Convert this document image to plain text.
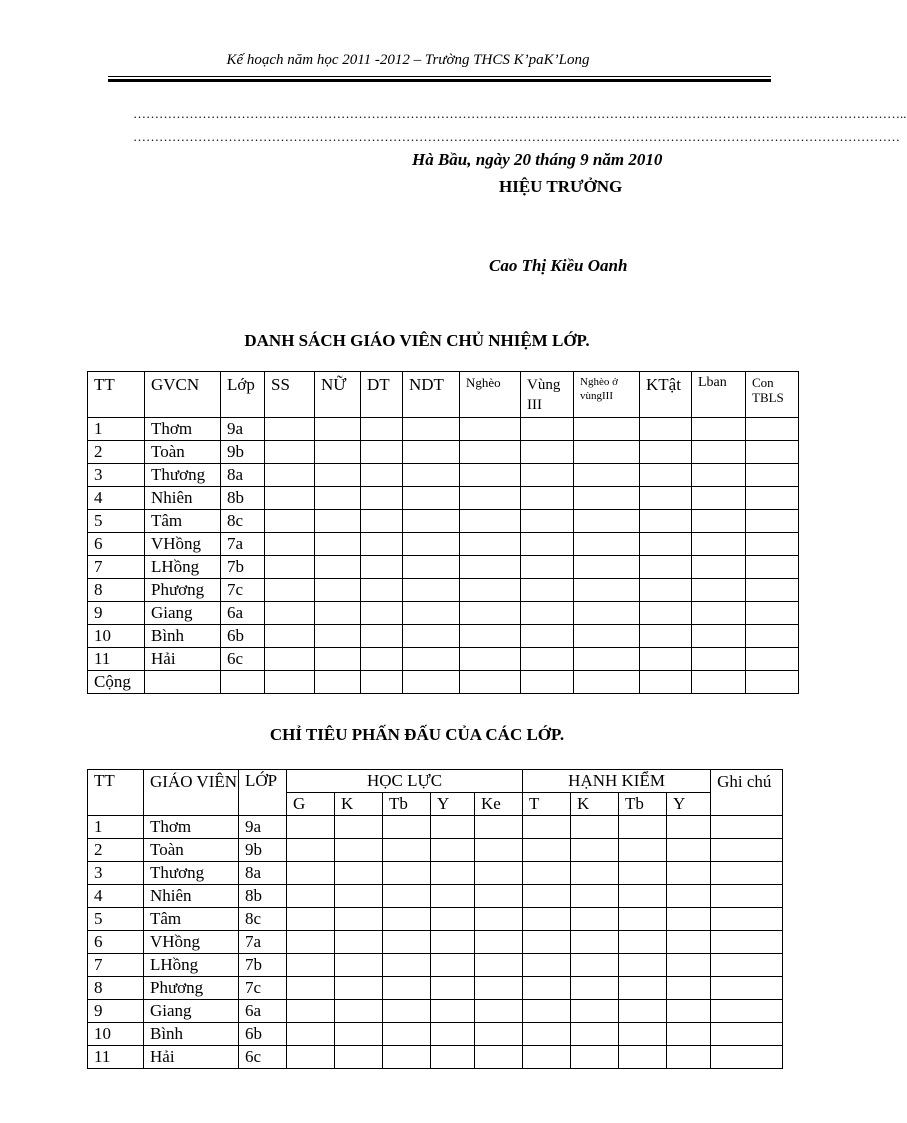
Kế hoạch năm học 2011 -2012 – Trường THCS K’paK’Long
……………………………………………………………………………………………………………………………………………………………..
……………………………………………………………………………………………………………………………………………………………
Hà Bầu, ngày 20 tháng 9 năm 2010
HIỆU TRƯỞNG
Cao Thị Kiều Oanh
DANH SÁCH GIÁO VIÊN CHỦ NHIỆM LỚP.
TT	GVCN	Lớp	SS	NỮ	DT	NDT	Nghèo	Vùng III	Nghèo ở vùngIII	KTật	Lban	Con TBLS
1	Thơm	9a										
2	Toàn	9b										
3	Thương	8a										
4	Nhiên	8b										
5	Tâm	8c										
6	VHồng	7a										
7	LHồng	7b										
8	Phương	7c										
9	Giang	6a										
10	Bình	6b										
11	Hải	6c										
Cộng												
CHỈ TIÊU PHẤN ĐẤU CỦA CÁC LỚP.
TT	GIÁO VIÊN	LỚP	HỌC LỰC					HẠNH KIỂM				Ghi chú
			G	K	Tb	Y	Ke	T	K	Tb	Y	
1	Thơm	9a										
2	Toàn	9b										
3	Thương	8a										
4	Nhiên	8b										
5	Tâm	8c										
6	VHồng	7a										
7	LHồng	7b										
8	Phương	7c										
9	Giang	6a										
10	Bình	6b										
11	Hải	6c										
